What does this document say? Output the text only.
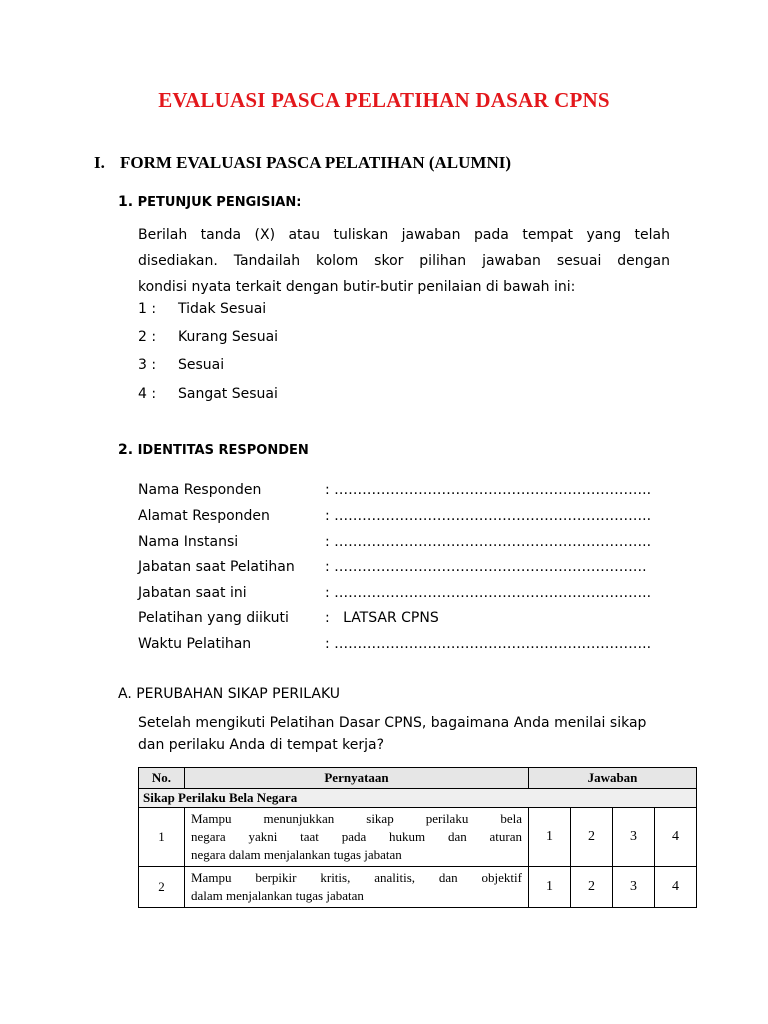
EVALUASI PASCA PELATIHAN DASAR CPNS
I. FORM EVALUASI PASCA PELATIHAN (ALUMNI)
1. PETUNJUK PENGISIAN:
Berilah tanda (X) atau tuliskan jawaban pada tempat yang telah
disediakan. Tandailah kolom skor pilihan jawaban sesuai dengan
kondisi nyata terkait dengan butir-butir penilaian di bawah ini:
1 : Tidak Sesuai
2 : Kurang Sesuai
3 : Sesuai
4 : Sangat Sesuai
2. IDENTITAS RESPONDEN
Nama Responden	: …………………………………………………………..
Alamat Responden	: …………………………………………………………..
Nama Instansi	: …………………………………………………………..
Jabatan saat Pelatihan : ………………………………………………………….
Jabatan saat ini	: …………………………………………………………..
Pelatihan yang diikuti	:   LATSAR CPNS
Waktu Pelatihan	: …………………………………………………………..
A. PERUBAHAN SIKAP PERILAKU
Setelah mengikuti Pelatihan Dasar CPNS, bagaimana Anda menilai sikap
dan perilaku Anda di tempat kerja?
No.	Pernyataan	Jawaban			
Sikap Perilaku Bela Negara					
1	Mampu menunjukkan sikap perilaku bela
negara yakni taat pada hukum dan aturan
negara dalam menjalankan tugas jabatan	1	2	3	4
2	Mampu berpikir kritis, analitis, dan objektif
dalam menjalankan tugas jabatan	1	2	3	4
